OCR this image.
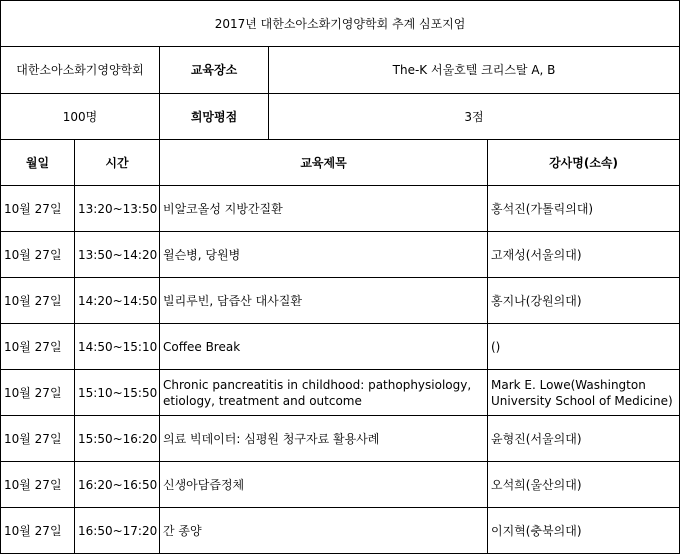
2017년 대한소아소화기영양학회 추계 심포지엄				
대한소아소화기영양학회		교육장소	The-K 서울호텔 크리스탈 A, B	
100명		희망평점	3점	
월일	시간	교육제목		강사명(소속)
10월 27일	13:20~13:50	비알코올성 지방간질환		홍석진(가톨릭의대)
10월 27일	13:50~14:20	윌슨병, 당원병		고재성(서울의대)
10월 27일	14:20~14:50	빌리루빈, 담즙산 대사질환		홍지나(강원의대)
10월 27일	14:50~15:10	Coffee Break		()
10월 27일	15:10~15:50	Chronic pancreatitis in childhood: pathophysiology, etiology, treatment and outcome		Mark E. Lowe(Washington University School of Medicine)
10월 27일	15:50~16:20	의료 빅데이터: 심평원 청구자료 활용사례		윤형진(서울의대)
10월 27일	16:20~16:50	신생아담즙정체		오석희(울산의대)
10월 27일	16:50~17:20	간 종양		이지혁(충북의대)
